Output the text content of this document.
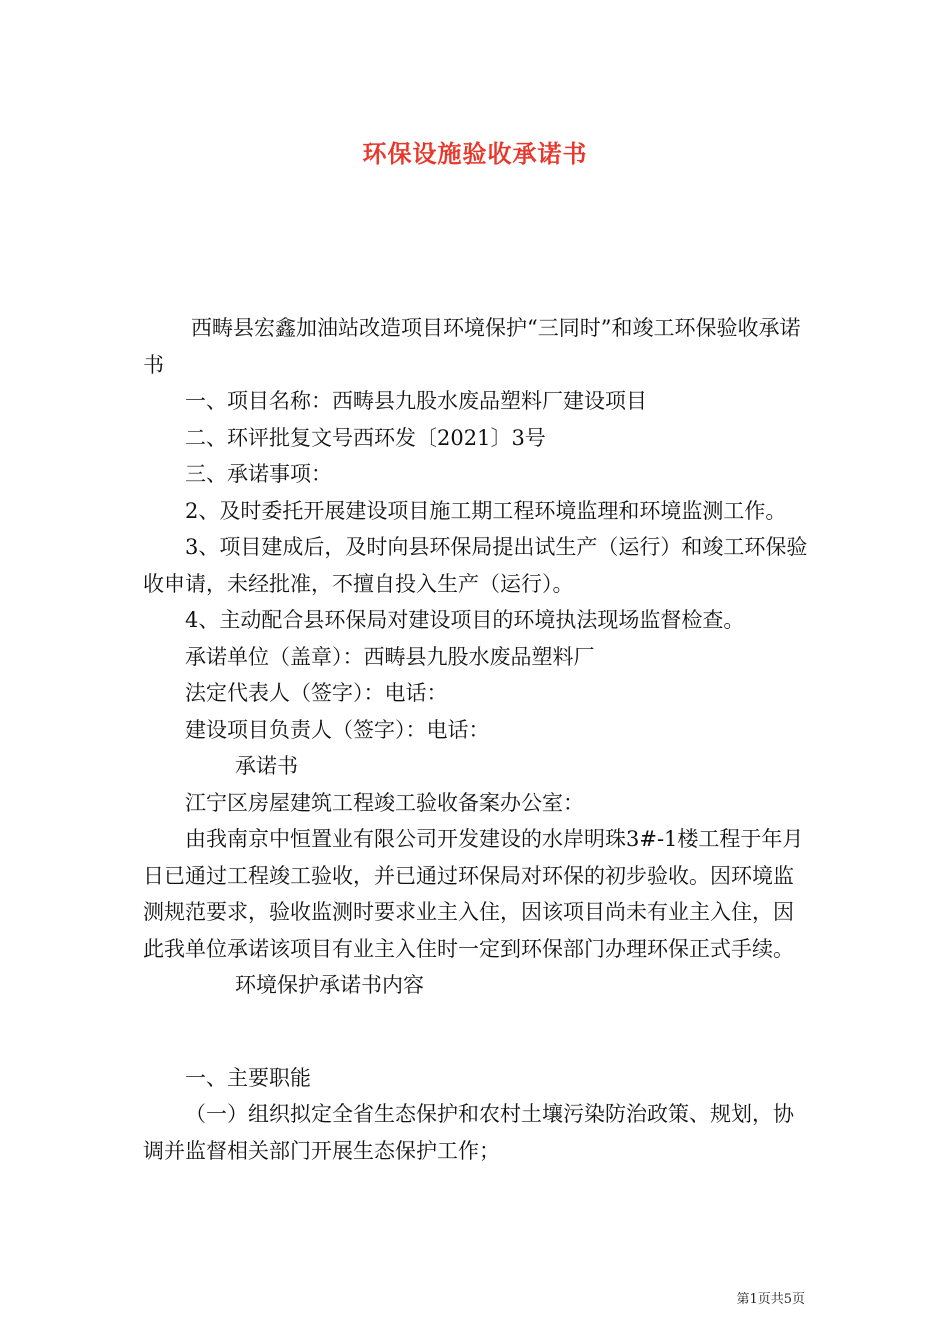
环保设施验收承诺书

西畴县宏鑫加油站改造项目环境保护“三同时”和竣工环保验收承诺书

一、项目名称：西畴县九股水废品塑料厂建设项目

二、环评批复文号西环发〔2021〕3号

三、承诺事项：

2、及时委托开展建设项目施工期工程环境监理和环境监测工作。

3、项目建成后，及时向县环保局提出试生产（运行）和竣工环保验收申请，未经批准，不擅自投入生产（运行）。

4、主动配合县环保局对建设项目的环境执法现场监督检查。

承诺单位（盖章）：西畴县九股水废品塑料厂

法定代表人（签字）：电话：

建设项目负责人（签字）：电话：

承诺书

江宁区房屋建筑工程竣工验收备案办公室：

由我南京中恒置业有限公司开发建设的水岸明珠3#-1楼工程于年月日已通过工程竣工验收，并已通过环保局对环保的初步验收。因环境监测规范要求，验收监测时要求业主入住，因该项目尚未有业主入住，因此我单位承诺该项目有业主入住时一定到环保部门办理环保正式手续。

环境保护承诺书内容

一、主要职能

（一）组织拟定全省生态保护和农村土壤污染防治政策、规划，协调并监督相关部门开展生态保护工作；

第1页共5页
